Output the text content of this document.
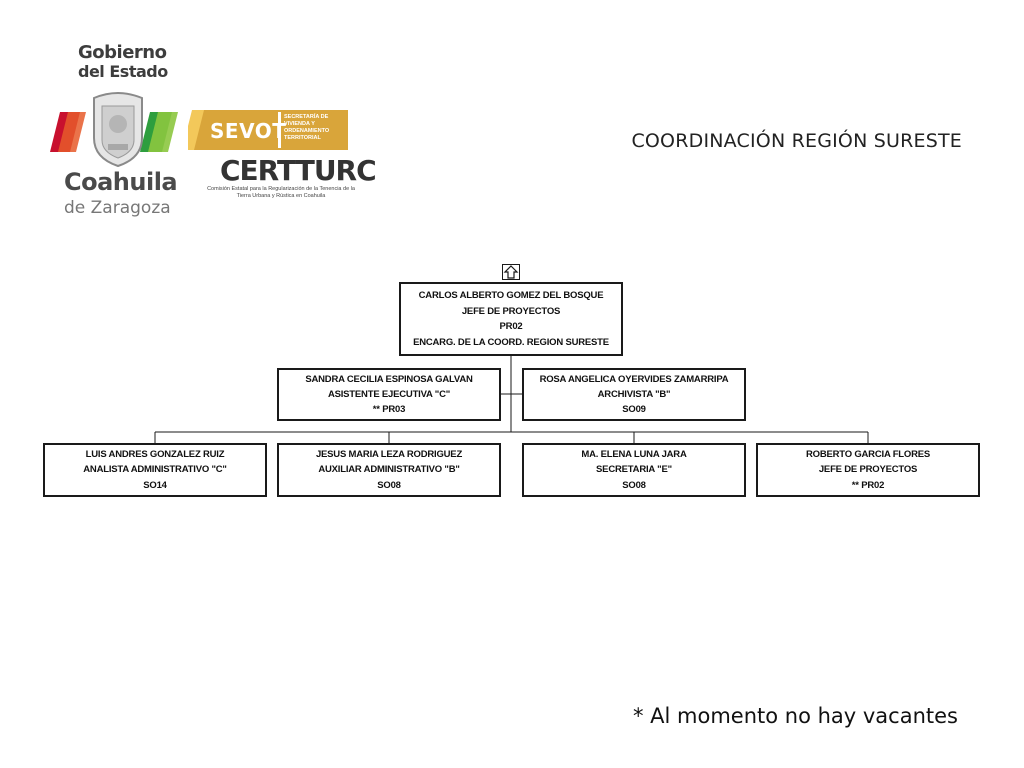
Gobierno
del Estado
SEVOT
SECRETARÍA DE VIVIENDA Y ORDENAMIENTO TERRITORIAL
CERTTURC
Comisión Estatal para la Regularización de la Tenencia de la Tierra Urbana y Rústica en Coahuila
Coahuila
de Zaragoza
COORDINACIÓN REGIÓN SURESTE
CARLOS ALBERTO GOMEZ DEL BOSQUE
JEFE DE PROYECTOS
PR02
ENCARG. DE LA COORD. REGION SURESTE
SANDRA CECILIA ESPINOSA GALVAN
ASISTENTE EJECUTIVA "C"
** PR03
ROSA ANGELICA OYERVIDES ZAMARRIPA
ARCHIVISTA "B"
SO09
LUIS ANDRES GONZALEZ RUIZ
ANALISTA ADMINISTRATIVO "C"
SO14
JESUS MARIA LEZA RODRIGUEZ
AUXILIAR ADMINISTRATIVO "B"
SO08
MA. ELENA LUNA JARA
SECRETARIA "E"
SO08
ROBERTO GARCIA FLORES
JEFE DE PROYECTOS
** PR02
* Al momento no hay vacantes
